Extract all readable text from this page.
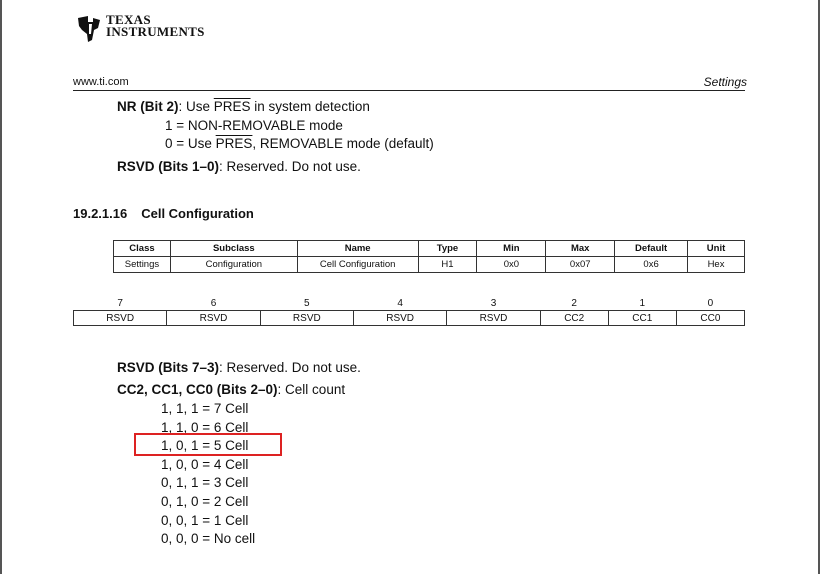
TEXAS
INSTRUMENTS
www.ti.com	Settings
NR (Bit 2): Use PRES in system detection
1 = NON-REMOVABLE mode
0 = Use PRES, REMOVABLE mode (default)
RSVD (Bits 1–0): Reserved. Do not use.
19.2.1.16 Cell Configuration
Class	Subclass	Name	Type	Min	Max	Default	Unit
Settings	Configuration	Cell Configuration	H1	0x0	0x07	0x6	Hex
7	6	5	4	3	2	1	0
RSVD	RSVD	RSVD	RSVD	RSVD	CC2	CC1	CC0
RSVD (Bits 7–3): Reserved. Do not use.
CC2, CC1, CC0 (Bits 2–0): Cell count
1, 1, 1 = 7 Cell
1, 1, 0 = 6 Cell
1, 0, 1 = 5 Cell
1, 0, 0 = 4 Cell
0, 1, 1 = 3 Cell
0, 1, 0 = 2 Cell
0, 0, 1 = 1 Cell
0, 0, 0 = No cell
